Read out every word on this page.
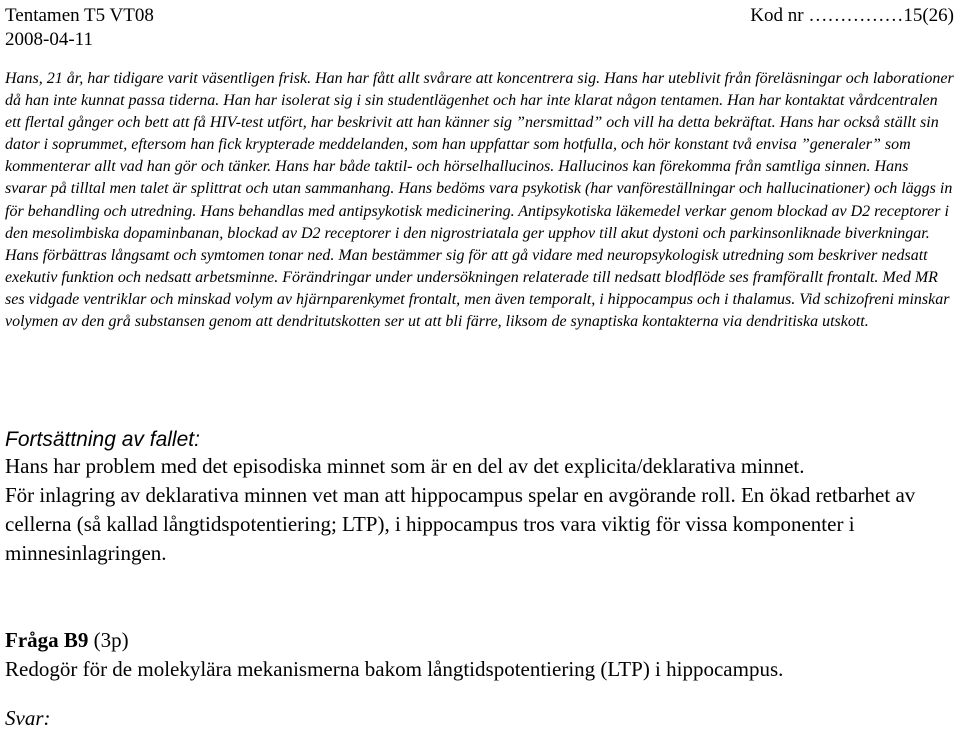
Tentamen T5 VT08	Kod nr ……………15(26)
2008-04-11

Hans, 21 år, har tidigare varit väsentligen frisk. Han har fått allt svårare att koncentrera sig. Hans har uteblivit från föreläsningar och laborationer då han inte kunnat passa tiderna. Han har isolerat sig i sin studentlägenhet och har inte klarat någon tentamen. Han har kontaktat vårdcentralen ett flertal gånger och bett att få HIV-test utfört, har beskrivit att han känner sig ”nersmittad” och vill ha detta bekräftat. Hans har också ställt sin dator i soprummet, eftersom han fick krypterade meddelanden, som han uppfattar som hotfulla, och hör konstant två envisa ”generaler” som kommenterar allt vad han gör och tänker. Hans har både taktil- och hörselhallucinos. Hallucinos kan förekomma från samtliga sinnen. Hans svarar på tilltal men talet är splittrat och utan sammanhang. Hans bedöms vara psykotisk (har vanföreställningar och hallucinationer) och läggs in för behandling och utredning. Hans behandlas med antipsykotisk medicinering. Antipsykotiska läkemedel verkar genom blockad av D2 receptorer i den mesolimbiska dopaminbanan, blockad av D2 receptorer i den nigrostriatala ger upphov till akut dystoni och parkinsonliknade biverkningar. Hans förbättras långsamt och symtomen tonar ned. Man bestämmer sig för att gå vidare med neuropsykologisk utredning som beskriver nedsatt exekutiv funktion och nedsatt arbetsminne. Förändringar under undersökningen relaterade till nedsatt blodflöde ses framförallt frontalt. Med MR ses vidgade ventriklar och minskad volym av hjärnparenkymet frontalt, men även temporalt, i hippocampus och i thalamus. Vid schizofreni minskar volymen av den grå substansen genom att dendritutskotten ser ut att bli färre, liksom de synaptiska kontakterna via dendritiska utskott.

Fortsättning av fallet:
Hans har problem med det episodiska minnet som är en del av det explicita/deklarativa minnet.
För inlagring av deklarativa minnen vet man att hippocampus spelar en avgörande roll. En ökad retbarhet av cellerna (så kallad långtidspotentiering; LTP), i hippocampus tros vara viktig för vissa komponenter i minnesinlagringen.
Fråga B9 (3p)
Redogör för de molekylära mekanismerna bakom långtidspotentiering (LTP) i hippocampus.
Svar:
